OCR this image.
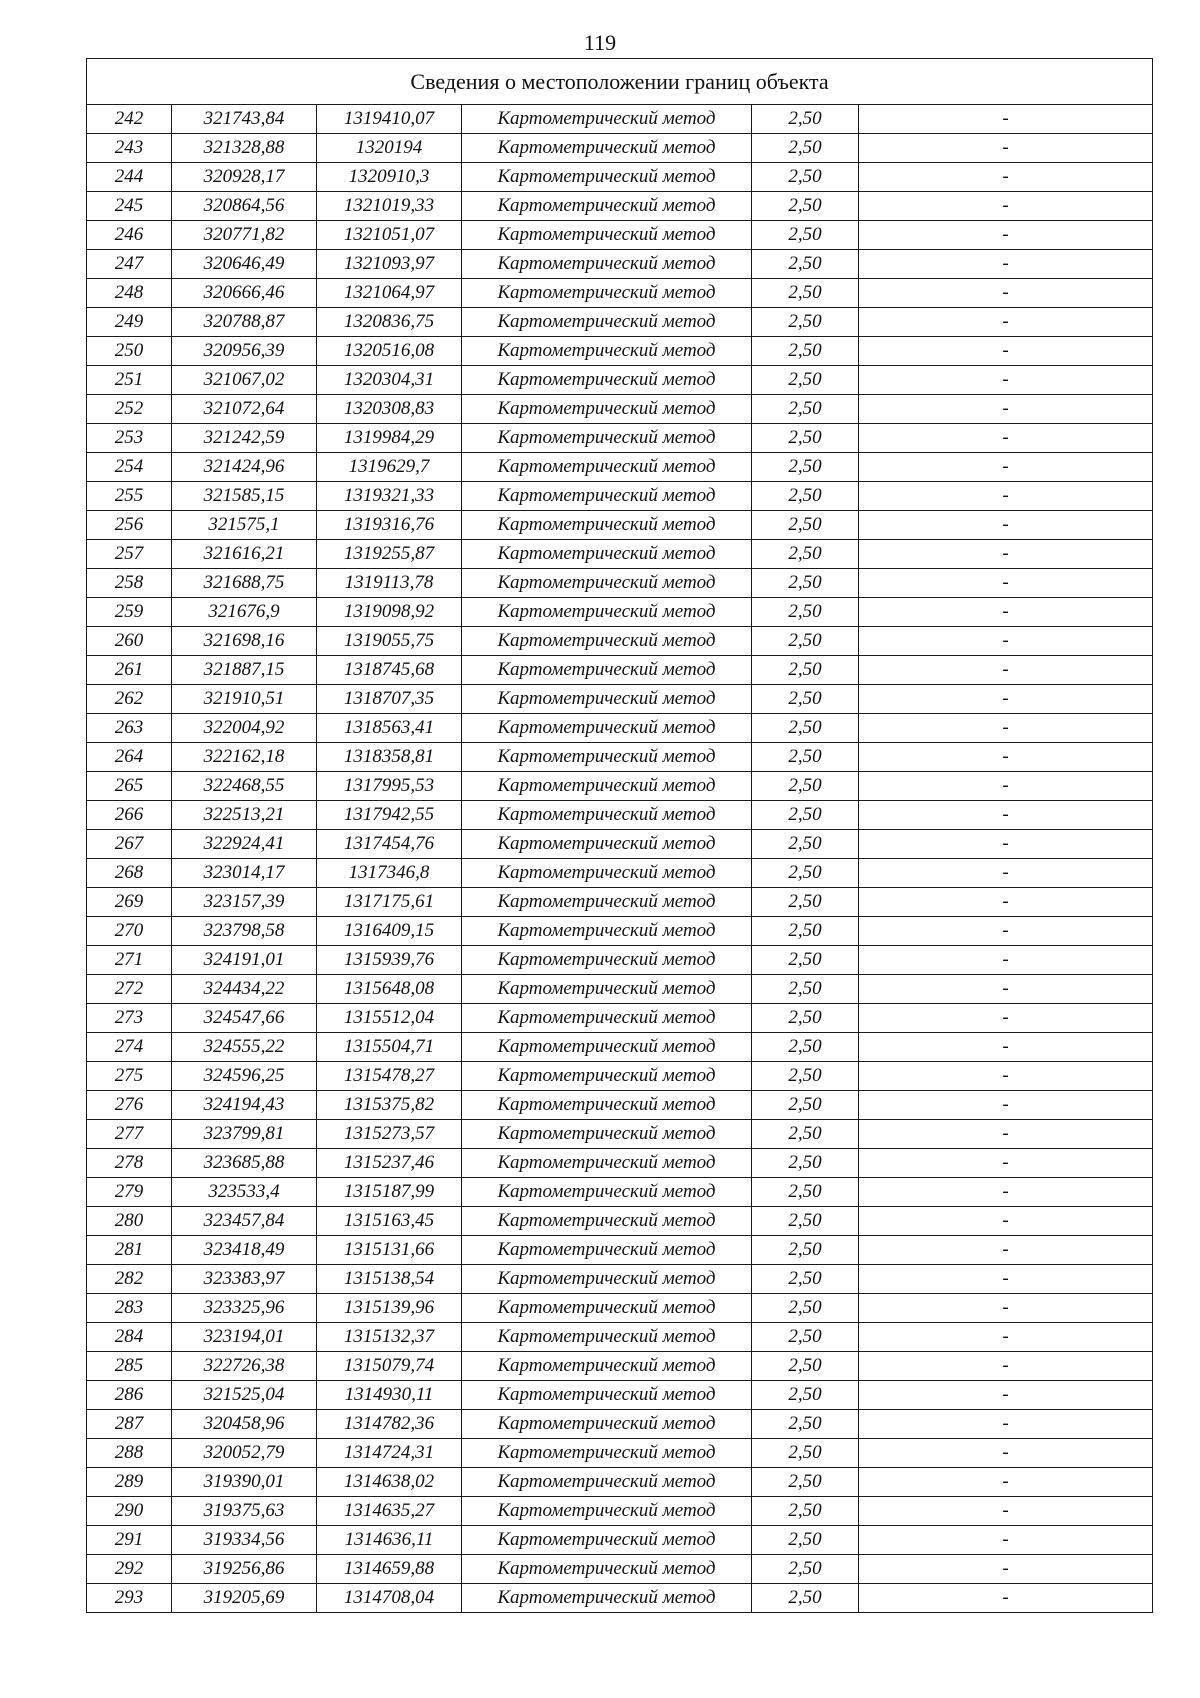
119
Сведения о местоположении границ объекта					
242	321743,84	1319410,07	Картометрический метод	2,50	-
243	321328,88	1320194	Картометрический метод	2,50	-
244	320928,17	1320910,3	Картометрический метод	2,50	-
245	320864,56	1321019,33	Картометрический метод	2,50	-
246	320771,82	1321051,07	Картометрический метод	2,50	-
247	320646,49	1321093,97	Картометрический метод	2,50	-
248	320666,46	1321064,97	Картометрический метод	2,50	-
249	320788,87	1320836,75	Картометрический метод	2,50	-
250	320956,39	1320516,08	Картометрический метод	2,50	-
251	321067,02	1320304,31	Картометрический метод	2,50	-
252	321072,64	1320308,83	Картометрический метод	2,50	-
253	321242,59	1319984,29	Картометрический метод	2,50	-
254	321424,96	1319629,7	Картометрический метод	2,50	-
255	321585,15	1319321,33	Картометрический метод	2,50	-
256	321575,1	1319316,76	Картометрический метод	2,50	-
257	321616,21	1319255,87	Картометрический метод	2,50	-
258	321688,75	1319113,78	Картометрический метод	2,50	-
259	321676,9	1319098,92	Картометрический метод	2,50	-
260	321698,16	1319055,75	Картометрический метод	2,50	-
261	321887,15	1318745,68	Картометрический метод	2,50	-
262	321910,51	1318707,35	Картометрический метод	2,50	-
263	322004,92	1318563,41	Картометрический метод	2,50	-
264	322162,18	1318358,81	Картометрический метод	2,50	-
265	322468,55	1317995,53	Картометрический метод	2,50	-
266	322513,21	1317942,55	Картометрический метод	2,50	-
267	322924,41	1317454,76	Картометрический метод	2,50	-
268	323014,17	1317346,8	Картометрический метод	2,50	-
269	323157,39	1317175,61	Картометрический метод	2,50	-
270	323798,58	1316409,15	Картометрический метод	2,50	-
271	324191,01	1315939,76	Картометрический метод	2,50	-
272	324434,22	1315648,08	Картометрический метод	2,50	-
273	324547,66	1315512,04	Картометрический метод	2,50	-
274	324555,22	1315504,71	Картометрический метод	2,50	-
275	324596,25	1315478,27	Картометрический метод	2,50	-
276	324194,43	1315375,82	Картометрический метод	2,50	-
277	323799,81	1315273,57	Картометрический метод	2,50	-
278	323685,88	1315237,46	Картометрический метод	2,50	-
279	323533,4	1315187,99	Картометрический метод	2,50	-
280	323457,84	1315163,45	Картометрический метод	2,50	-
281	323418,49	1315131,66	Картометрический метод	2,50	-
282	323383,97	1315138,54	Картометрический метод	2,50	-
283	323325,96	1315139,96	Картометрический метод	2,50	-
284	323194,01	1315132,37	Картометрический метод	2,50	-
285	322726,38	1315079,74	Картометрический метод	2,50	-
286	321525,04	1314930,11	Картометрический метод	2,50	-
287	320458,96	1314782,36	Картометрический метод	2,50	-
288	320052,79	1314724,31	Картометрический метод	2,50	-
289	319390,01	1314638,02	Картометрический метод	2,50	-
290	319375,63	1314635,27	Картометрический метод	2,50	-
291	319334,56	1314636,11	Картометрический метод	2,50	-
292	319256,86	1314659,88	Картометрический метод	2,50	-
293	319205,69	1314708,04	Картометрический метод	2,50	-
